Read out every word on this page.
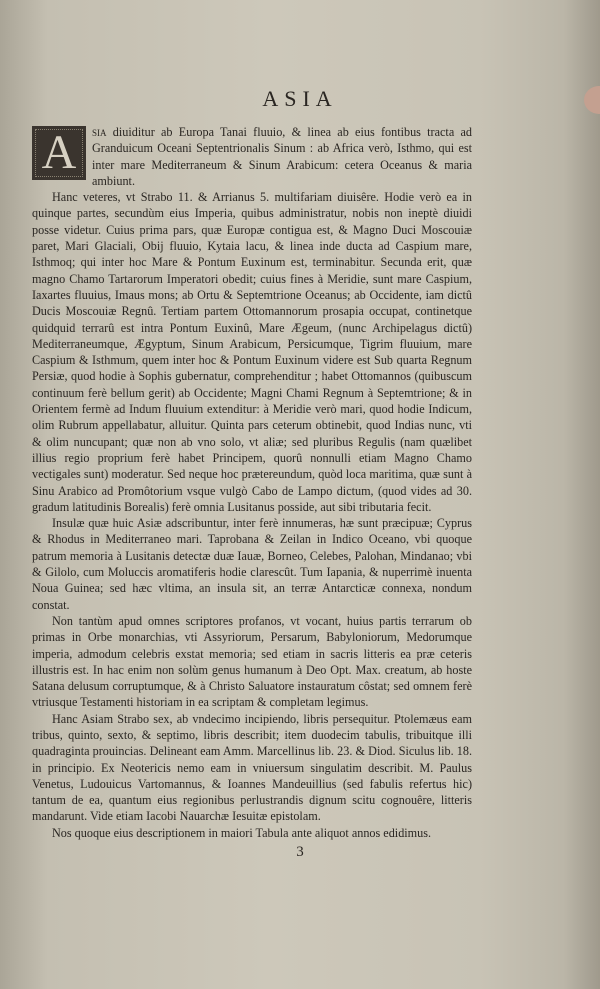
ASIA

A	sia diuiditur ab Europa Tanai fluuio, & linea ab eius fontibus tracta ad Granduicum Oceani Septentrionalis Sinum : ab Africa verò, Isthmo, qui est inter mare Mediterraneum & Sinum Arabicum: cetera Oceanus & maria ambiunt.

Hanc veteres, vt Strabo 11. & Arrianus 5. multifariam diuisêre. Hodie verò ea in quinque partes, secundùm eius Imperia, quibus administratur, nobis non ineptè diuidi posse videtur. Cuius prima pars, quæ Europæ contigua est, & Magno Duci Moscouiæ paret, Mari Glaciali, Obij fluuio, Kytaia lacu, & linea inde ducta ad Caspium mare, Isthmoq; qui inter hoc Mare & Pontum Euxinum est, terminabitur. Secunda erit, quæ magno Chamo Tartarorum Imperatori obedit; cuius fines à Meridie, sunt mare Caspium, Iaxartes fluuius, Imaus mons; ab Ortu & Septemtrione Oceanus; ab Occidente, iam dictû Ducis Moscouiæ Regnû. Tertiam partem Ottomannorum prosapia occupat, continetque quidquid terrarû est intra Pontum Euxinû, Mare Ægeum, (nunc Archipelagus dictû) Mediterraneumque, Ægyptum, Sinum Arabicum, Persicumque, Tigrim fluuium, mare Caspium & Isthmum, quem inter hoc & Pontum Euxinum videre est Sub quarta Regnum Persiæ, quod hodie à Sophis gubernatur, comprehenditur ; habet Ottomannos (quibuscum continuum ferè bellum gerit) ab Occidente; Magni Chami Regnum à Septemtrione; & in Orientem fermè ad Indum fluuium extenditur: à Meridie verò mari, quod hodie Indicum, olim Rubrum appellabatur, alluitur. Quinta pars ceterum obtinebit, quod Indias nunc, vti & olim nuncupant; quæ non ab vno solo, vt aliæ; sed pluribus Regulis (nam quælibet illius regio proprium ferè habet Principem, quorû nonnulli etiam Magno Chamo vectigales sunt) moderatur. Sed neque hoc prætereundum, quòd loca maritima, quæ sunt à Sinu Arabico ad Promôtorium vsque vulgò Cabo de Lampo dictum, (quod vides ad 30. gradum latitudinis Borealis) ferè omnia Lusitanus posside, aut sibi tributaria fecit.

Insulæ quæ huic Asiæ adscribuntur, inter ferè innumeras, hæ sunt præcipuæ; Cyprus & Rhodus in Mediterraneo mari. Taprobana & Zeilan in Indico Oceano, vbi quoque patrum memoria à Lusitanis detectæ duæ Iauæ, Borneo, Celebes, Palohan, Mindanao; vbi & Gilolo, cum Moluccis aromatiferis hodie clarescût. Tum Iapania, & nuperrimè inuenta Noua Guinea; sed hæc vltima, an insula sit, an terræ Antarcticæ connexa, nondum constat.

Non tantùm apud omnes scriptores profanos, vt vocant, huius partis terrarum ob primas in Orbe monarchias, vti Assyriorum, Persarum, Babyloniorum, Medorumque imperia, admodum celebris exstat memoria; sed etiam in sacris litteris ea præ ceteris illustris est. In hac enim non solùm genus humanum à Deo Opt. Max. creatum, ab hoste Satana delusum corruptumque, & à Christo Saluatore instauratum côstat; sed omnem ferè vtriusque Testamenti historiam in ea scriptam & completam legimus.

Hanc Asiam Strabo sex, ab vndecimo incipiendo, libris persequitur. Ptolemæus eam tribus, quinto, sexto, & septimo, libris describit; item duodecim tabulis, tribuitque illi quadraginta prouincias. Delineant eam Amm. Marcellinus lib. 23. & Diod. Siculus lib. 18. in principio. Ex Neotericis nemo eam in vniuersum singulatim describit. M. Paulus Venetus, Ludouicus Vartomannus, & Ioannes Mandeuillius (sed fabulis refertus hic) tantum de ea, quantum eius regionibus perlustrandis dignum scitu cognouêre, litteris mandarunt. Vide etiam Iacobi Nauarchæ Iesuitæ epistolam.

Nos quoque eius descriptionem in maiori Tabula ante aliquot annos edidimus.

3
